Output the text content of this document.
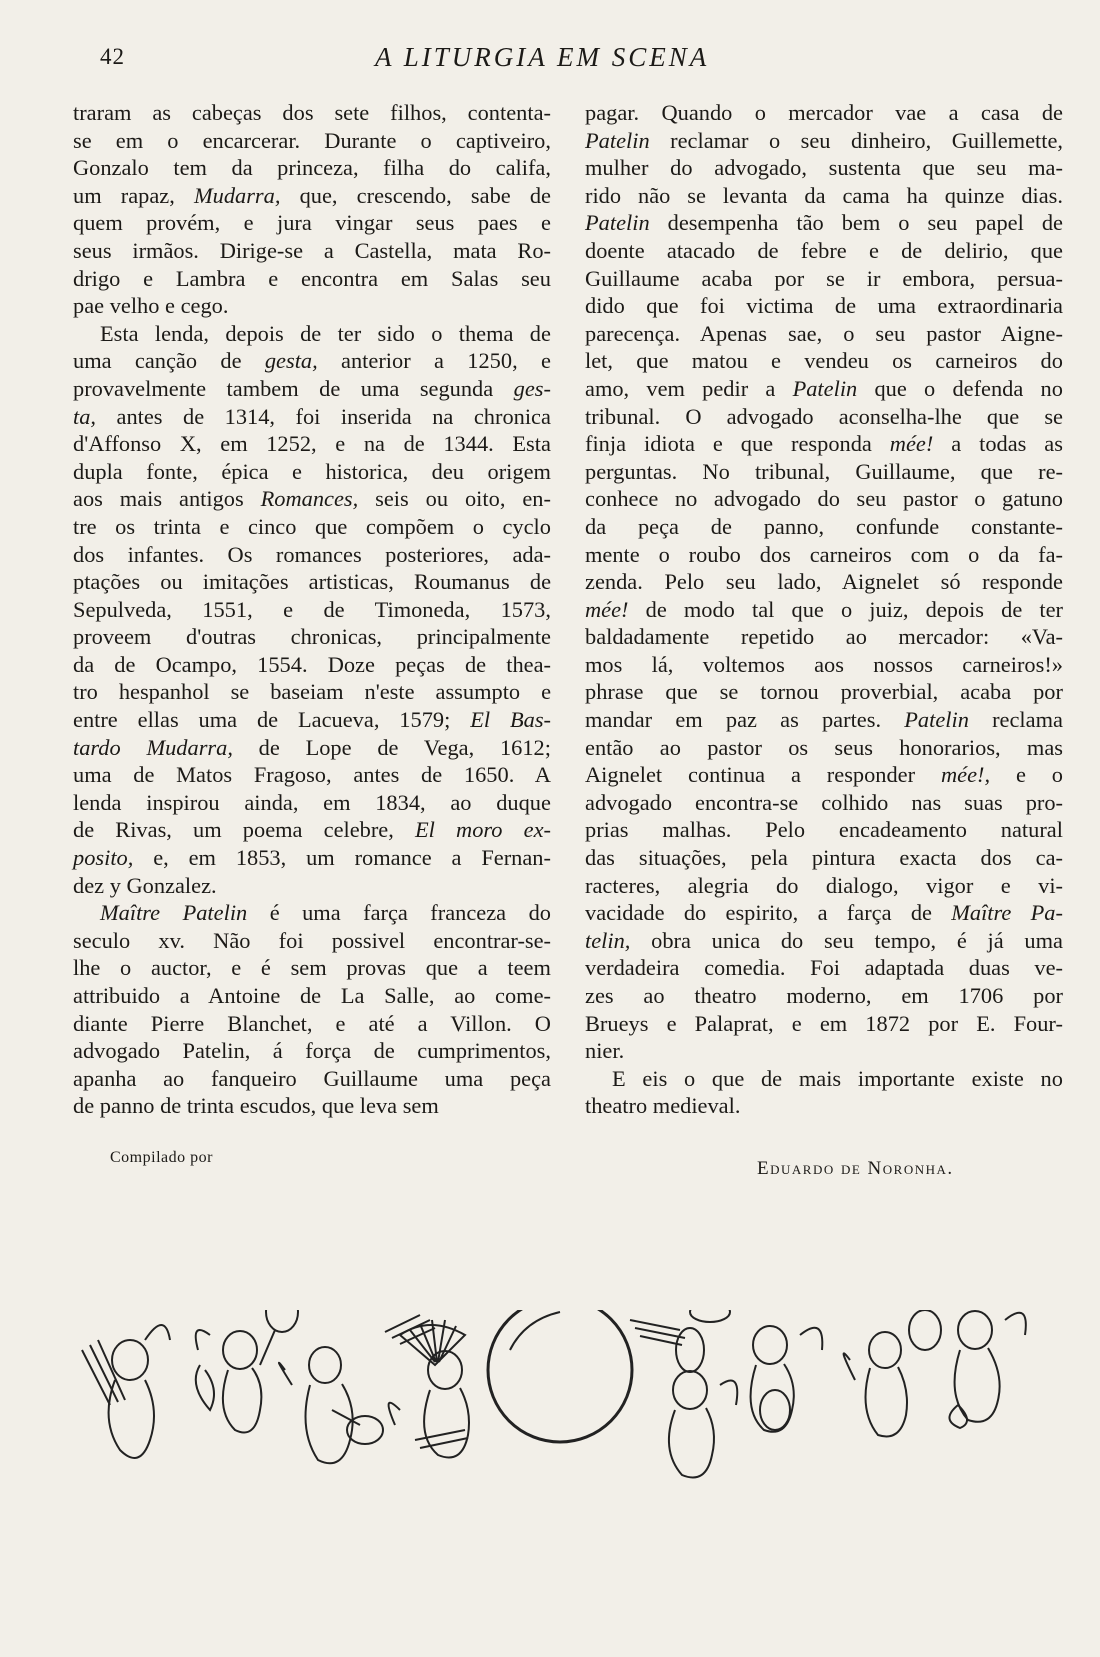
42	A LITURGIA EM SCENA
traram as cabeças dos sete filhos, contenta-
se em o encarcerar. Durante o captiveiro,
Gonzalo tem da princeza, filha do califa,
um rapaz, Mudarra, que, crescendo, sabe de
quem provém, e jura vingar seus paes e
seus irmãos. Dirige-se a Castella, mata Ro-
drigo e Lambra e encontra em Salas seu
pae velho e cego.
Esta lenda, depois de ter sido o thema de
uma canção de gesta, anterior a 1250, e
provavelmente tambem de uma segunda ges-
ta, antes de 1314, foi inserida na chronica
d'Affonso X, em 1252, e na de 1344. Esta
dupla fonte, épica e historica, deu origem
aos mais antigos Romances, seis ou oito, en-
tre os trinta e cinco que compõem o cyclo
dos infantes. Os romances posteriores, ada-
ptações ou imitações artisticas, Roumanus de
Sepulveda, 1551, e de Timoneda, 1573,
proveem d'outras chronicas, principalmente
da de Ocampo, 1554. Doze peças de thea-
tro hespanhol se baseiam n'este assumpto e
entre ellas uma de Lacueva, 1579; El Bas-
tardo Mudarra, de Lope de Vega, 1612;
uma de Matos Fragoso, antes de 1650. A
lenda inspirou ainda, em 1834, ao duque
de Rivas, um poema celebre, El moro ex-
posito, e, em 1853, um romance a Fernan-
dez y Gonzalez.
Maître Patelin é uma farça franceza do
seculo xv. Não foi possivel encontrar-se-
lhe o auctor, e é sem provas que a teem
attribuido a Antoine de La Salle, ao come-
diante Pierre Blanchet, e até a Villon. O
advogado Patelin, á força de cumprimentos,
apanha ao fanqueiro Guillaume uma peça
de panno de trinta escudos, que leva sem
pagar. Quando o mercador vae a casa de
Patelin reclamar o seu dinheiro, Guillemette,
mulher do advogado, sustenta que seu ma-
rido não se levanta da cama ha quinze dias.
Patelin desempenha tão bem o seu papel de
doente atacado de febre e de delirio, que
Guillaume acaba por se ir embora, persua-
dido que foi victima de uma extraordinaria
parecença. Apenas sae, o seu pastor Aigne-
let, que matou e vendeu os carneiros do
amo, vem pedir a Patelin que o defenda no
tribunal. O advogado aconselha-lhe que se
finja idiota e que responda mée! a todas as
perguntas. No tribunal, Guillaume, que re-
conhece no advogado do seu pastor o gatuno
da peça de panno, confunde constante-
mente o roubo dos carneiros com o da fa-
zenda. Pelo seu lado, Aignelet só responde
mée! de modo tal que o juiz, depois de ter
baldadamente repetido ao mercador: «Va-
mos lá, voltemos aos nossos carneiros!»
phrase que se tornou proverbial, acaba por
mandar em paz as partes. Patelin reclama
então ao pastor os seus honorarios, mas
Aignelet continua a responder mée!, e o
advogado encontra-se colhido nas suas pro-
prias malhas. Pelo encadeamento natural
das situações, pela pintura exacta dos ca-
racteres, alegria do dialogo, vigor e vi-
vacidade do espirito, a farça de Maître Pa-
telin, obra unica do seu tempo, é já uma
verdadeira comedia. Foi adaptada duas ve-
zes ao theatro moderno, em 1706 por
Brueys e Palaprat, e em 1872 por E. Four-
nier.
E eis o que de mais importante existe no
theatro medieval.
Compilado por
Eduardo de Noronha.
